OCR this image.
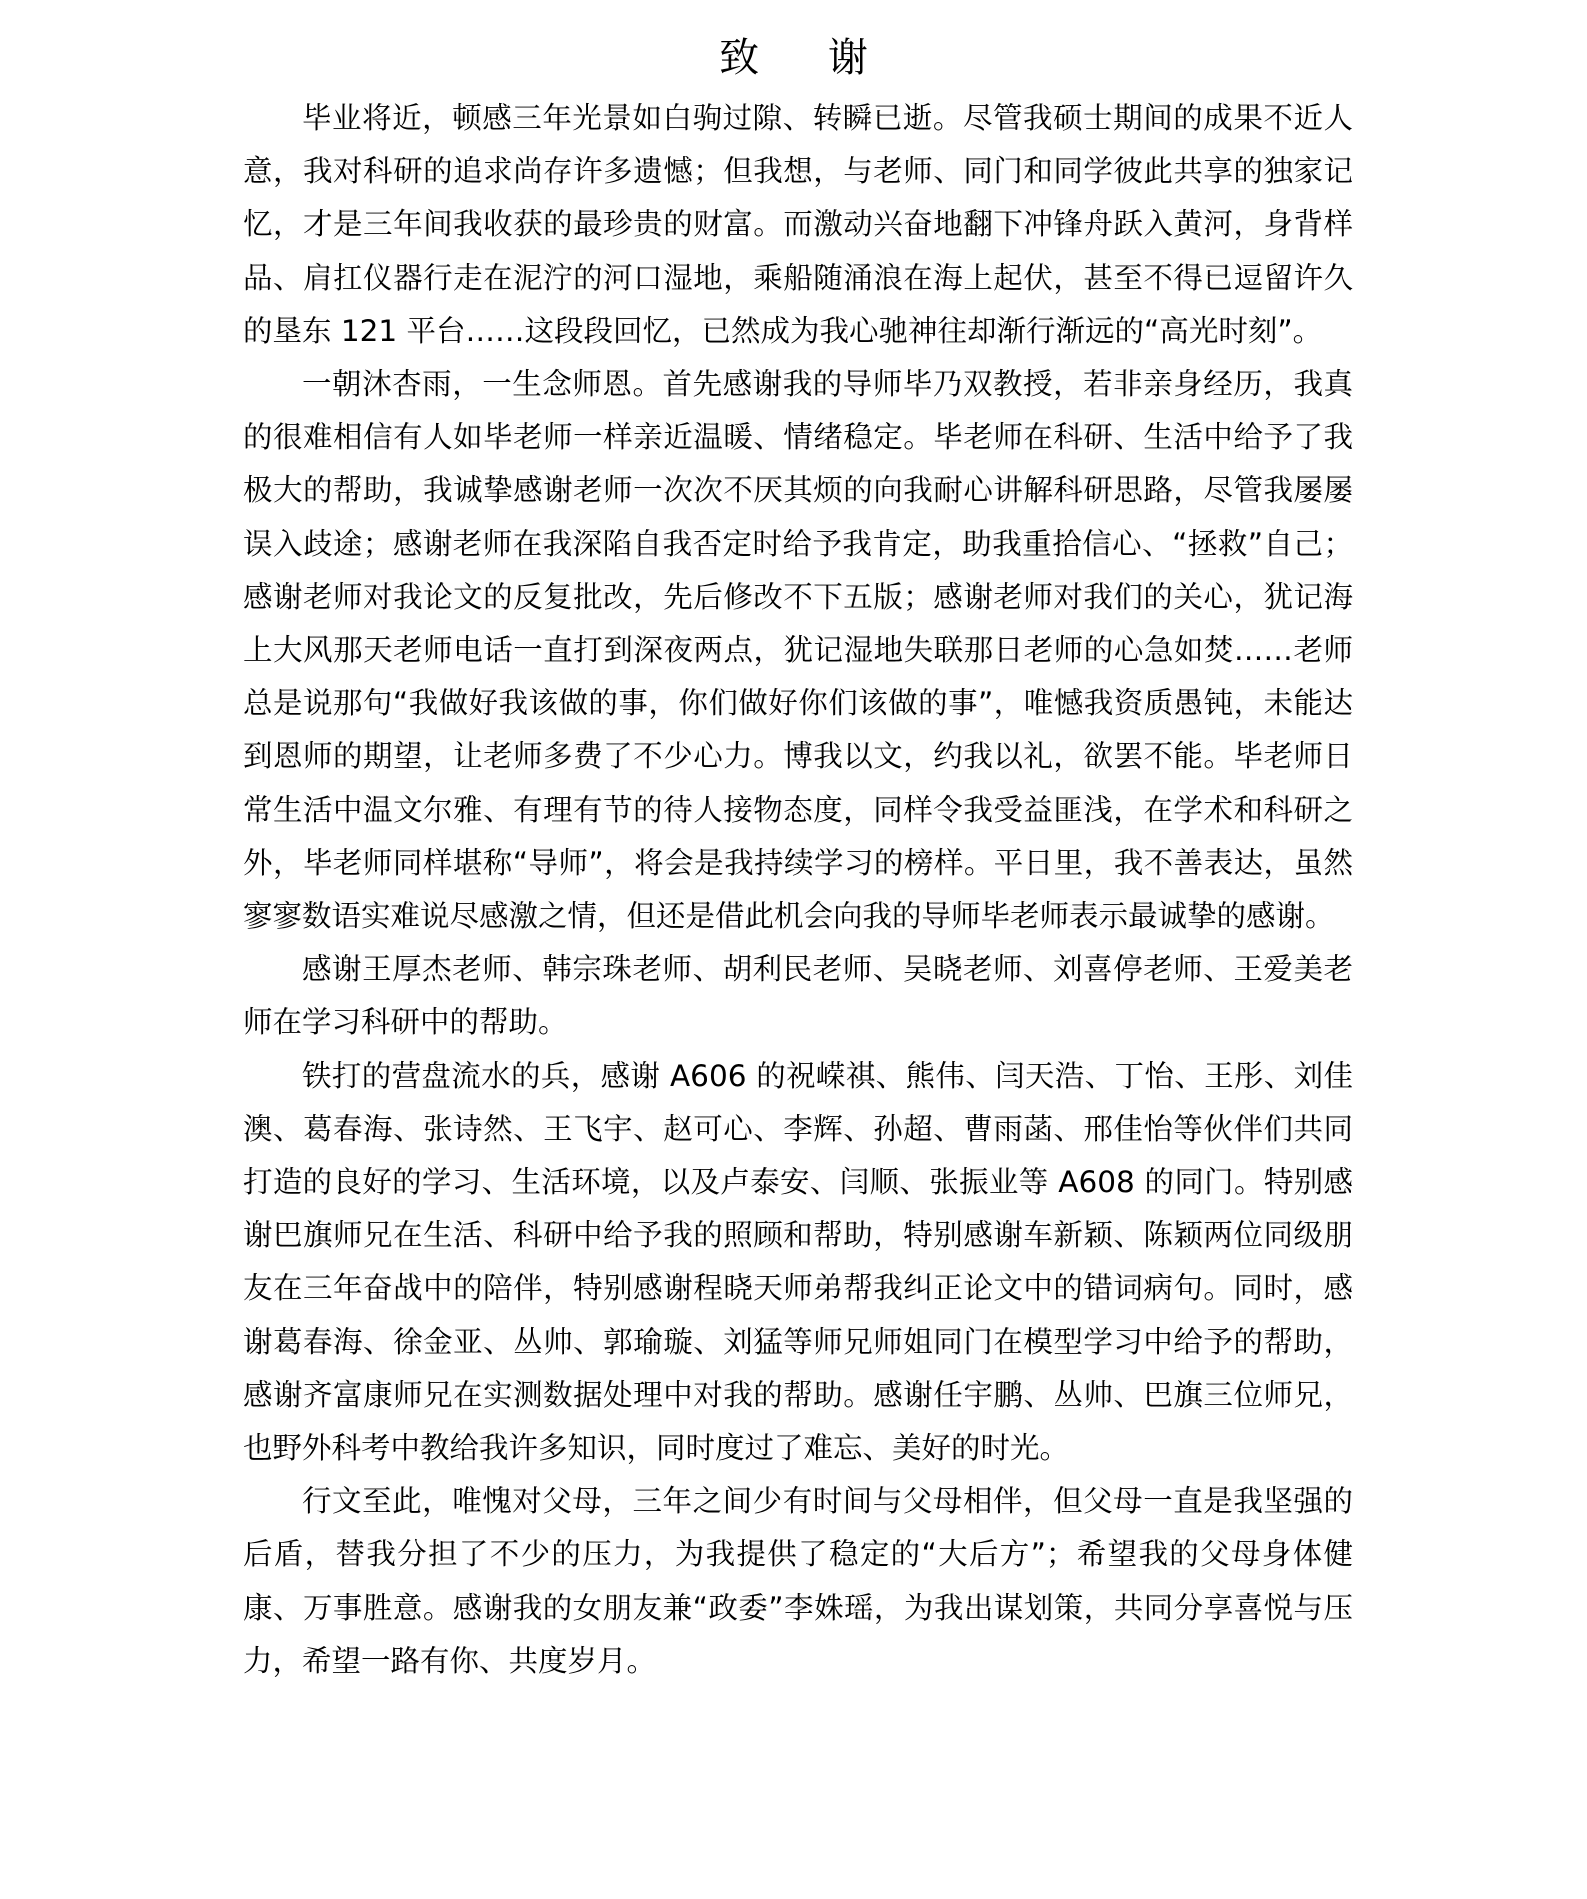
致 谢

毕业将近，顿感三年光景如白驹过隙、转瞬已逝。尽管我硕士期间的成果不近人意，我对科研的追求尚存许多遗憾；但我想，与老师、同门和同学彼此共享的独家记忆，才是三年间我收获的最珍贵的财富。而激动兴奋地翻下冲锋舟跃入黄河，身背样品、肩扛仪器行走在泥泞的河口湿地，乘船随涌浪在海上起伏，甚至不得已逗留许久的垦东 121 平台……这段段回忆，已然成为我心驰神往却渐行渐远的“高光时刻”。

一朝沐杏雨，一生念师恩。首先感谢我的导师毕乃双教授，若非亲身经历，我真的很难相信有人如毕老师一样亲近温暖、情绪稳定。毕老师在科研、生活中给予了我极大的帮助，我诚挚感谢老师一次次不厌其烦的向我耐心讲解科研思路，尽管我屡屡误入歧途；感谢老师在我深陷自我否定时给予我肯定，助我重拾信心、“拯救”自己；感谢老师对我论文的反复批改，先后修改不下五版；感谢老师对我们的关心，犹记海上大风那天老师电话一直打到深夜两点，犹记湿地失联那日老师的心急如焚……老师总是说那句“我做好我该做的事，你们做好你们该做的事”，唯憾我资质愚钝，未能达到恩师的期望，让老师多费了不少心力。博我以文，约我以礼，欲罢不能。毕老师日常生活中温文尔雅、有理有节的待人接物态度，同样令我受益匪浅，在学术和科研之外，毕老师同样堪称“导师”，将会是我持续学习的榜样。平日里，我不善表达，虽然寥寥数语实难说尽感激之情，但还是借此机会向我的导师毕老师表示最诚挚的感谢。

感谢王厚杰老师、韩宗珠老师、胡利民老师、吴晓老师、刘喜停老师、王爱美老师在学习科研中的帮助。

铁打的营盘流水的兵，感谢 A606 的祝嵘祺、熊伟、闫天浩、丁怡、王彤、刘佳澳、葛春海、张诗然、王飞宇、赵可心、李辉、孙超、曹雨菡、邢佳怡等伙伴们共同打造的良好的学习、生活环境，以及卢泰安、闫顺、张振业等 A608 的同门。特别感谢巴旗师兄在生活、科研中给予我的照顾和帮助，特别感谢车新颖、陈颖两位同级朋友在三年奋战中的陪伴，特别感谢程晓天师弟帮我纠正论文中的错词病句。同时，感谢葛春海、徐金亚、丛帅、郭瑜璇、刘猛等师兄师姐同门在模型学习中给予的帮助，感谢齐富康师兄在实测数据处理中对我的帮助。感谢任宇鹏、丛帅、巴旗三位师兄，也野外科考中教给我许多知识，同时度过了难忘、美好的时光。

行文至此，唯愧对父母，三年之间少有时间与父母相伴，但父母一直是我坚强的后盾，替我分担了不少的压力，为我提供了稳定的“大后方”；希望我的父母身体健康、万事胜意。感谢我的女朋友兼“政委”李姝瑶，为我出谋划策，共同分享喜悦与压力，希望一路有你、共度岁月。
